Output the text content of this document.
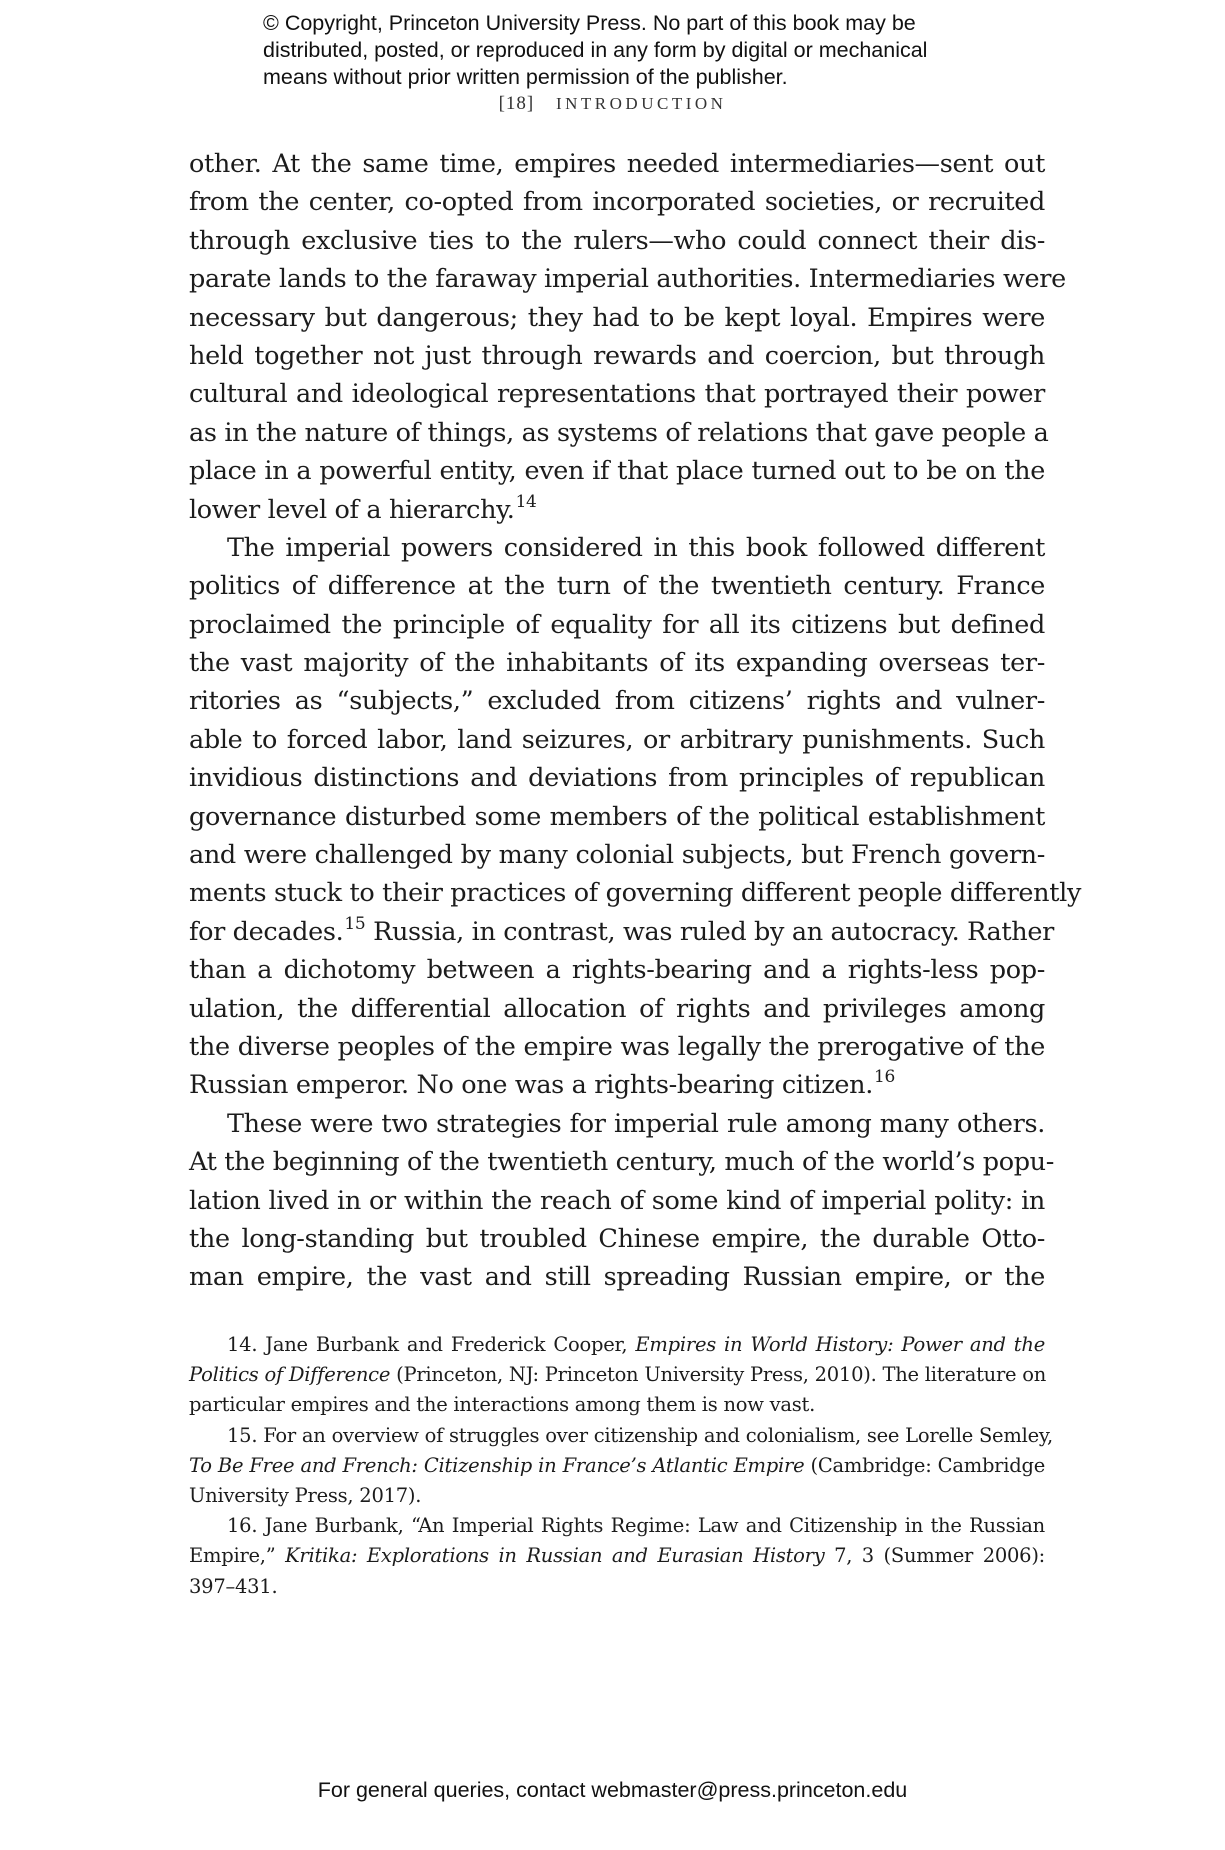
© Copyright, Princeton University Press. No part of this book may be
distributed, posted, or reproduced in any form by digital or mechanical
means without prior written permission of the publisher.
[18] INTRODUCTION
other. At the same time, empires needed intermediaries—sent out
from the center, co-opted from incorporated societies, or recruited
through exclusive ties to the rulers—who could connect their dis-
parate lands to the faraway imperial authorities. Intermediaries were
necessary but dangerous; they had to be kept loyal. Empires were
held together not just through rewards and coercion, but through
cultural and ideological representations that portrayed their power
as in the nature of things, as systems of relations that gave people a
place in a powerful entity, even if that place turned out to be on the
lower level of a hierarchy.$^{14}$
The imperial powers considered in this book followed different
politics of difference at the turn of the twentieth century. France
proclaimed the principle of equality for all its citizens but defined
the vast majority of the inhabitants of its expanding overseas ter-
ritories as “subjects,” excluded from citizens’ rights and vulner-
able to forced labor, land seizures, or arbitrary punishments. Such
invidious distinctions and deviations from principles of republican
governance disturbed some members of the political establishment
and were challenged by many colonial subjects, but French govern-
ments stuck to their practices of governing different people differently
for decades.$^{15}$ Russia, in contrast, was ruled by an autocracy. Rather
than a dichotomy between a rights-bearing and a rights-less pop-
ulation, the differential allocation of rights and privileges among
the diverse peoples of the empire was legally the prerogative of the
Russian emperor. No one was a rights-bearing citizen.$^{16}$
These were two strategies for imperial rule among many others.
At the beginning of the twentieth century, much of the world’s popu-
lation lived in or within the reach of some kind of imperial polity: in
the long-standing but troubled Chinese empire, the durable Otto-
man empire, the vast and still spreading Russian empire, or the
14. Jane Burbank and Frederick Cooper, Empires in World History: Power and the
Politics of Difference (Princeton, NJ: Princeton University Press, 2010). The literature on
particular empires and the interactions among them is now vast.
15. For an overview of struggles over citizenship and colonialism, see Lorelle Semley,
To Be Free and French: Citizenship in France’s Atlantic Empire (Cambridge: Cambridge
University Press, 2017).
16. Jane Burbank, “An Imperial Rights Regime: Law and Citizenship in the Russian
Empire,” Kritika: Explorations in Russian and Eurasian History 7, 3 (Summer 2006):
397–431.
For general queries, contact webmaster@press.princeton.edu
